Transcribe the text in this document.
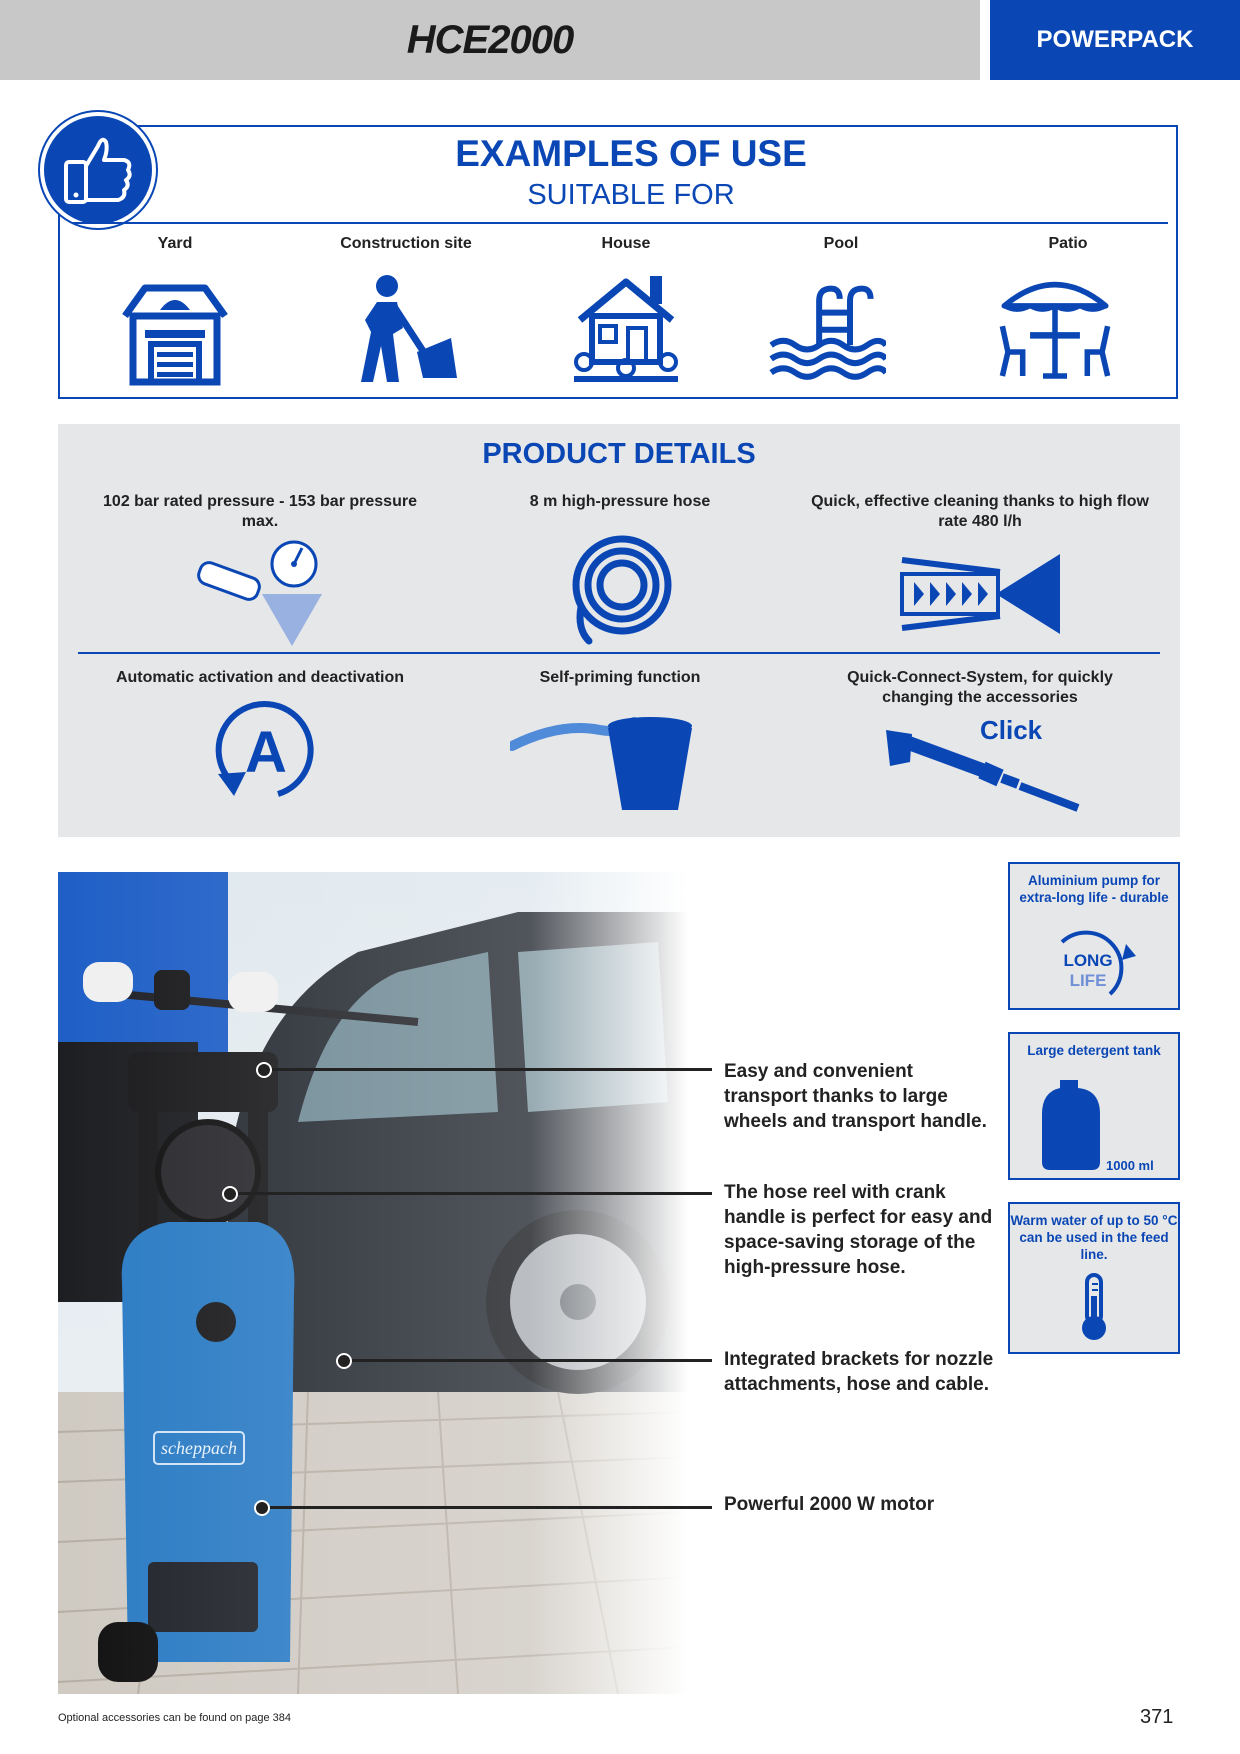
HCE2000	POWERPACK
EXAMPLES OF USE
SUITABLE FOR
Yard	Construction site	House	Pool	Patio
PRODUCT DETAILS
102 bar rated pressure - 153 bar pressure max.
8 m high-pressure hose	Quick, effective cleaning thanks to high flow rate 480 l/h
Automatic activation and deactivation	Self-priming function	Quick-Connect-System, for quickly changing the accessories
A	Click
Easy and convenient transport thanks to large wheels and transport handle.
The hose reel with crank handle is perfect for easy and space-saving storage of the high-pressure hose.
Integrated brackets for nozzle attachments, hose and cable.
Powerful 2000 W motor
Aluminium pump for extra-long life - durable
LONG
LIFE
Large detergent tank
1000 ml
Warm water of up to 50 °C can be used in the feed line.
Optional accessories can be found on page 384	371
